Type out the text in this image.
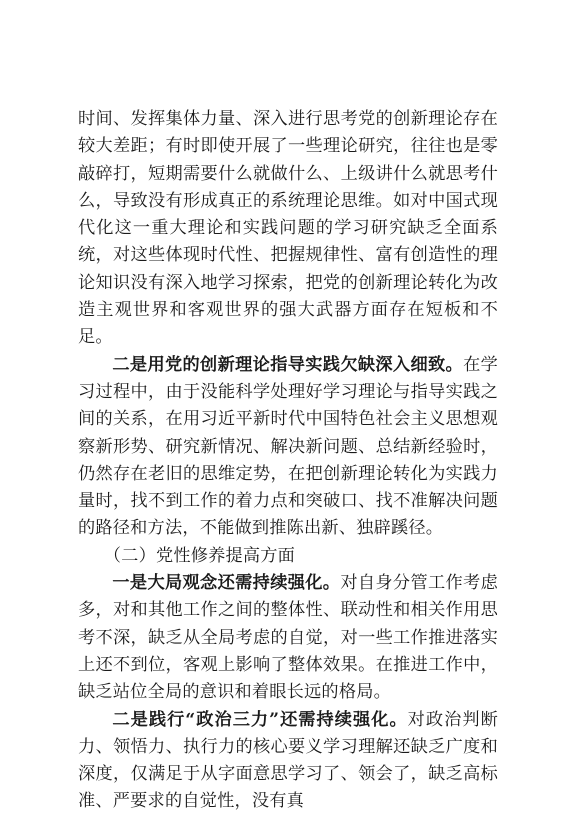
时间、发挥集体力量、深入进行思考党的创新理论存在较大差距；有时即使开展了一些理论研究，往往也是零敲碎打，短期需要什么就做什么、上级讲什么就思考什么，导致没有形成真正的系统理论思维。如对中国式现代化这一重大理论和实践问题的学习研究缺乏全面系统，对这些体现时代性、把握规律性、富有创造性的理论知识没有深入地学习探索，把党的创新理论转化为改造主观世界和客观世界的强大武器方面存在短板和不足。

二是用党的创新理论指导实践欠缺深入细致。在学习过程中，由于没能科学处理好学习理论与指导实践之间的关系，在用习近平新时代中国特色社会主义思想观察新形势、研究新情况、解决新问题、总结新经验时，仍然存在老旧的思维定势，在把创新理论转化为实践力量时，找不到工作的着力点和突破口、找不准解决问题的路径和方法，不能做到推陈出新、独辟蹊径。

（二）党性修养提高方面

一是大局观念还需持续强化。对自身分管工作考虑多，对和其他工作之间的整体性、联动性和相关作用思考不深，缺乏从全局考虑的自觉，对一些工作推进落实上还不到位，客观上影响了整体效果。在推进工作中，缺乏站位全局的意识和着眼长远的格局。

二是践行“政治三力”还需持续强化。对政治判断力、领悟力、执行力的核心要义学习理解还缺乏广度和深度，仅满足于从字面意思学习了、领会了，缺乏高标准、严要求的自觉性，没有真
